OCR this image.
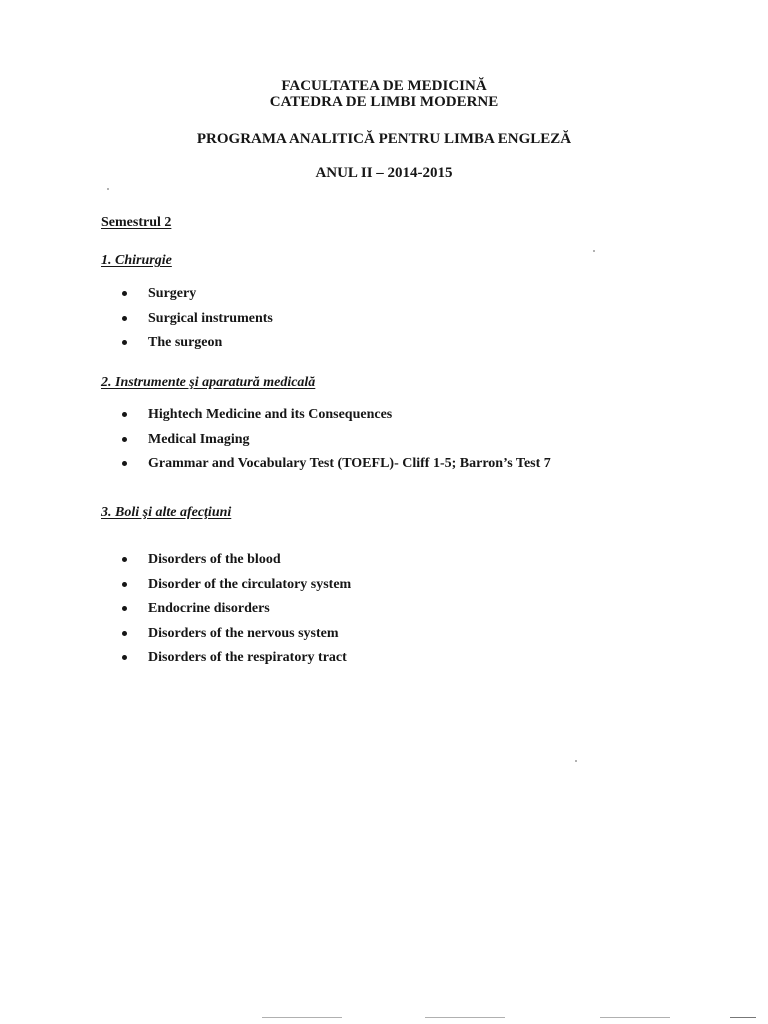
FACULTATEA DE MEDICINĂ
CATEDRA DE LIMBI MODERNE
PROGRAMA ANALITICĂ PENTRU LIMBA ENGLEZĂ
ANUL II – 2014-2015
Semestrul 2
1. Chirurgie
Surgery
Surgical instruments
The surgeon
2. Instrumente şi aparatură medicală
Hightech Medicine and its Consequences
Medical Imaging
Grammar and Vocabulary Test (TOEFL)- Cliff 1-5; Barron’s Test 7
3. Boli şi alte afecţiuni
Disorders of the blood
Disorder of the circulatory system
Endocrine disorders
Disorders of the nervous system
Disorders of the respiratory tract
